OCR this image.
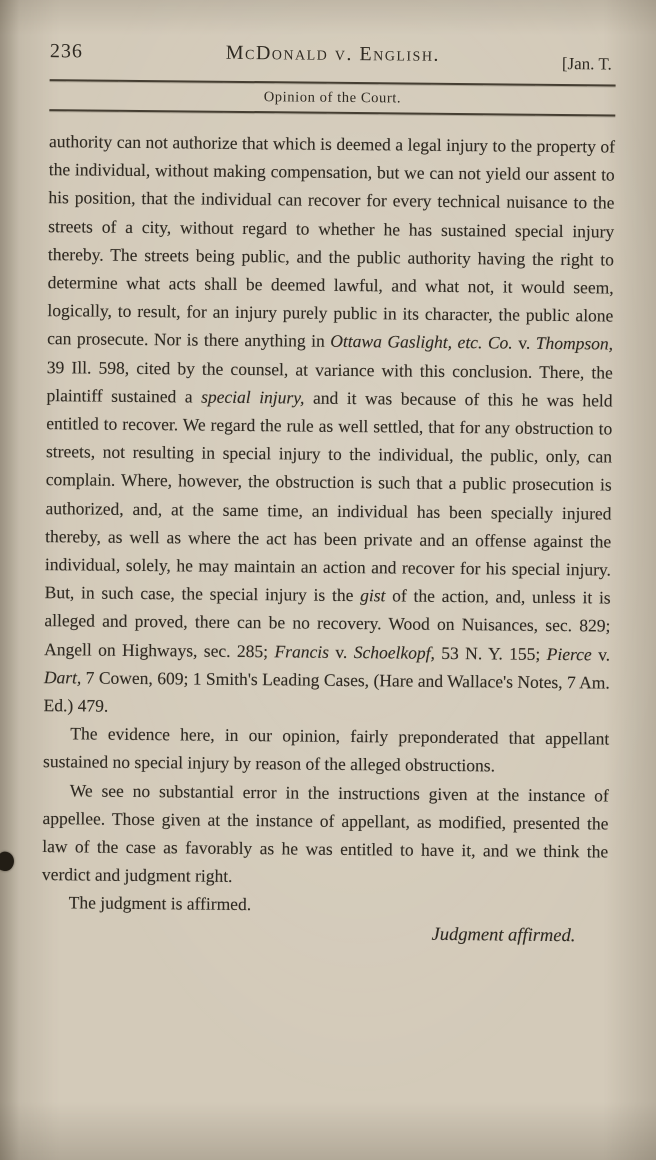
236	McDonald v. English.	[Jan. T.
Opinion of the Court.

authority can not authorize that which is deemed a legal injury to the property of the individual, without making compensation, but we can not yield our assent to his position, that the individual can recover for every technical nuisance to the streets of a city, without regard to whether he has sustained special injury thereby. The streets being public, and the public authority having the right to determine what acts shall be deemed lawful, and what not, it would seem, logically, to result, for an injury purely public in its character, the public alone can prosecute. Nor is there anything in Ottawa Gaslight, etc. Co. v. Thompson, 39 Ill. 598, cited by the counsel, at variance with this conclusion. There, the plaintiff sustained a special injury, and it was because of this he was held entitled to recover. We regard the rule as well settled, that for any obstruction to streets, not resulting in special injury to the individual, the public, only, can complain. Where, however, the obstruction is such that a public prosecution is authorized, and, at the same time, an individual has been specially injured thereby, as well as where the act has been private and an offense against the individual, solely, he may maintain an action and recover for his special injury. But, in such case, the special injury is the gist of the action, and, unless it is alleged and proved, there can be no recovery. Wood on Nuisances, sec. 829; Angell on Highways, sec. 285; Francis v. Schoelkopf, 53 N. Y. 155; Pierce v. Dart, 7 Cowen, 609; 1 Smith's Leading Cases, (Hare and Wallace's Notes, 7 Am. Ed.) 479.

The evidence here, in our opinion, fairly preponderated that appellant sustained no special injury by reason of the alleged obstructions.

We see no substantial error in the instructions given at the instance of appellee. Those given at the instance of appellant, as modified, presented the law of the case as favorably as he was entitled to have it, and we think the verdict and judgment right.

The judgment is affirmed.

Judgment affirmed.
